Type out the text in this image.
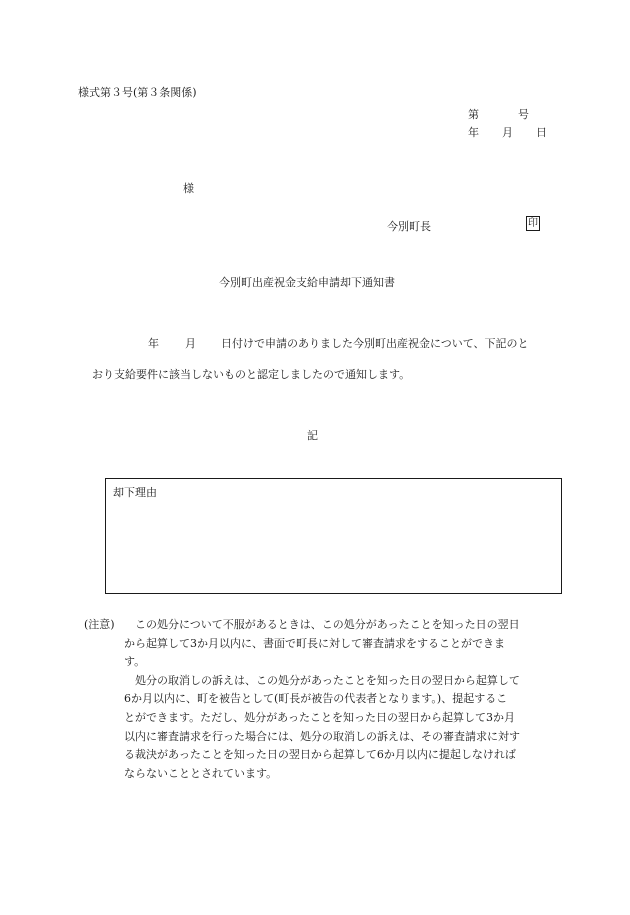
様式第３号(第３条関係)
第	号
年 月 日
様
今別町長	印
今別町出産祝金支給申請却下通知書
年 月 日付けで申請のありました今別町出産祝金について、下記のと
おり支給要件に該当しないものと認定しましたので通知します。
記
却下理由
(注意) 　この処分について不服があるときは、この処分があったことを知った日の翌日
から起算して3か月以内に、書面で町長に対して審査請求をすることができま
す。
　処分の取消しの訴えは、この処分があったことを知った日の翌日から起算して
6か月以内に、町を被告として(町長が被告の代表者となります。)、提起するこ
とができます。ただし、処分があったことを知った日の翌日から起算して3か月
以内に審査請求を行った場合には、処分の取消しの訴えは、その審査請求に対す
る裁決があったことを知った日の翌日から起算して6か月以内に提起しなければ
ならないこととされています。
